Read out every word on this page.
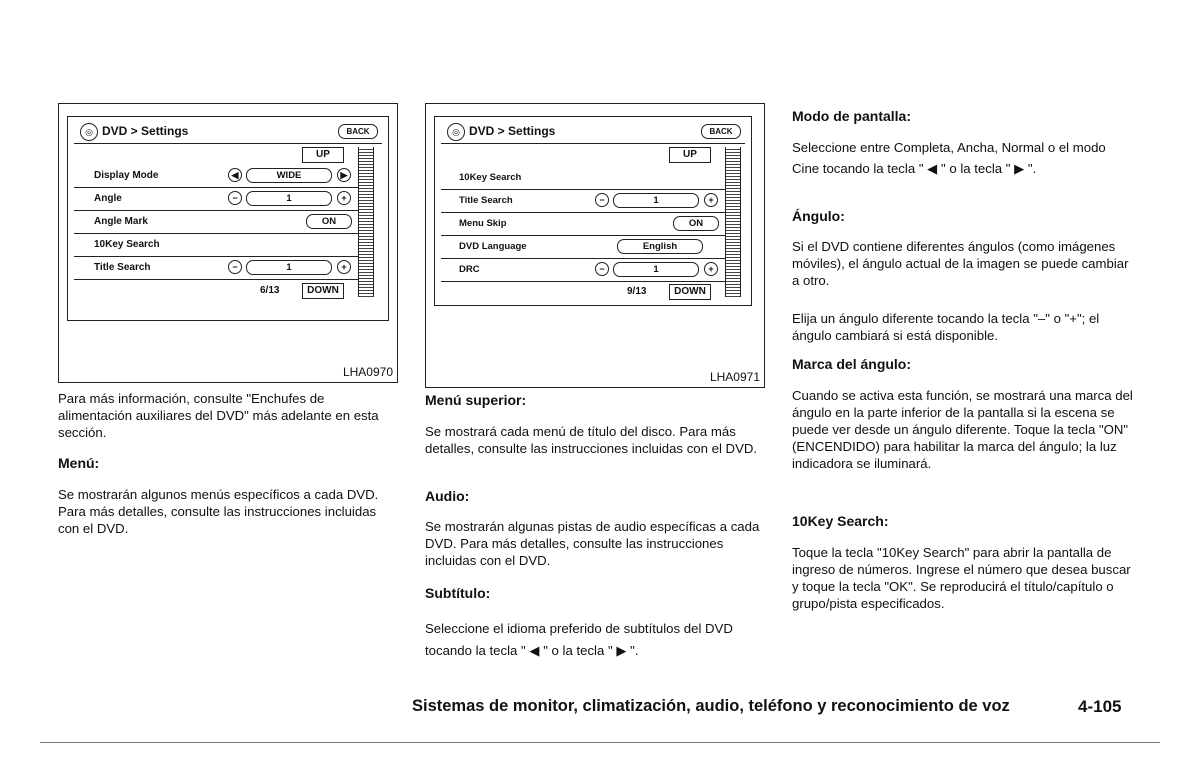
◎ DVD > Settings	BACK
UP
Display Mode	◀	WIDE	▶
Angle	−	1	+
Angle Mark	ON
10Key Search
Title Search	−	1	+
6/13	DOWN
LHA0970
◎ DVD > Settings	BACK
UP
10Key Search
Title Search	−	1	+
Menu Skip	ON
DVD Language	English
DRC	−	1	+
9/13	DOWN
LHA0971
Para más información, consulte "Enchufes de alimentación auxiliares del DVD" más adelante en esta sección.
Menú:
Se mostrarán algunos menús específicos a cada DVD. Para más detalles, consulte las instrucciones incluidas con el DVD.
Menú superior:
Se mostrará cada menú de título del disco. Para más detalles, consulte las instrucciones incluidas con el DVD.
Audio:
Se mostrarán algunas pistas de audio específicas a cada DVD. Para más detalles, consulte las instrucciones incluidas con el DVD.
Subtítulo:
Seleccione el idioma preferido de subtítulos del DVD tocando la tecla " ◀ " o la tecla " ▶ ".
Modo de pantalla:
Seleccione entre Completa, Ancha, Normal o el modo Cine tocando la tecla " ◀ " o la tecla " ▶ ".
Ángulo:
Si el DVD contiene diferentes ángulos (como imágenes móviles), el ángulo actual de la imagen se puede cambiar a otro.
Elija un ángulo diferente tocando la tecla "–" o "+"; el ángulo cambiará si está disponible.
Marca del ángulo:
Cuando se activa esta función, se mostrará una marca del ángulo en la parte inferior de la pantalla si la escena se puede ver desde un ángulo diferente. Toque la tecla "ON" (ENCENDIDO) para habilitar la marca del ángulo; la luz indicadora se iluminará.
10Key Search:
Toque la tecla "10Key Search" para abrir la pantalla de ingreso de números. Ingrese el número que desea buscar y toque la tecla "OK". Se reproducirá el título/capítulo o grupo/pista especificados.
Sistemas de monitor, climatización, audio, teléfono y reconocimiento de voz	4-105
